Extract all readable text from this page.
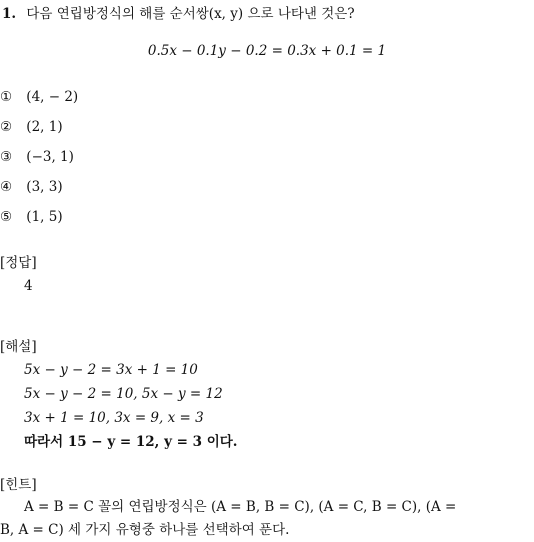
1. 다음 연립방정식의 해를 순서쌍(x, y) 으로 나타낸 것은?
0.5x − 0.1y − 0.2 = 0.3x + 0.1 = 1
① (4, − 2)
② (2, 1)
③ (−3, 1)
④ (3, 3)
⑤ (1, 5)
[정답]
4
[해설]
5x − y − 2 = 3x + 1 = 10
5x − y − 2 = 10, 5x − y = 12
3x + 1 = 10, 3x = 9, x = 3
따라서 15 − y = 12, y = 3 이다.
[힌트]
A = B = C 꼴의 연립방정식은 (A = B, B = C), (A = C, B = C), (A =
B, A = C) 세 가지 유형중 하나를 선택하여 푼다.
